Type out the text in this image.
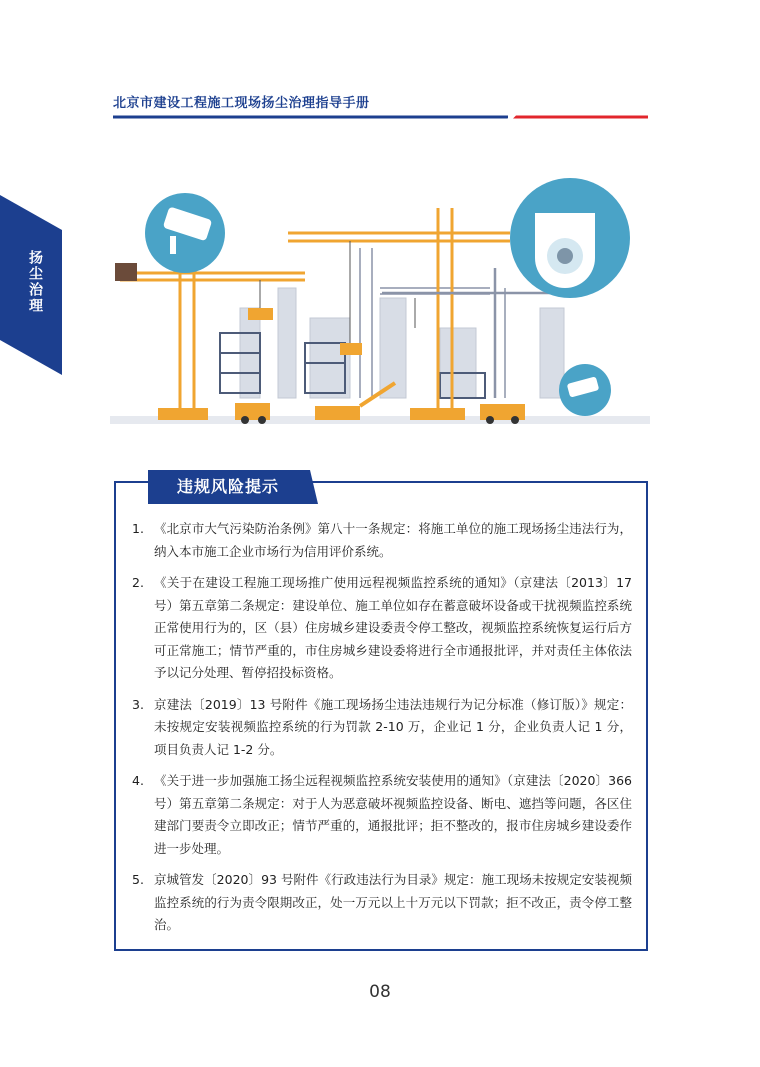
北京市建设工程施工现场扬尘治理指导手册
扬尘治理
违规风险提示
1. 《北京市大气污染防治条例》第八十一条规定：将施工单位的施工现场扬尘违法行为，纳入本市施工企业市场行为信用评价系统。
2. 《关于在建设工程施工现场推广使用远程视频监控系统的通知》（京建法〔2013〕17 号）第五章第二条规定：建设单位、施工单位如存在蓄意破坏设备或干扰视频监控系统正常使用行为的，区（县）住房城乡建设委责令停工整改，视频监控系统恢复运行后方可正常施工；情节严重的，市住房城乡建设委将进行全市通报批评，并对责任主体依法予以记分处理、暂停招投标资格。
3. 京建法〔2019〕13 号附件《施工现场扬尘违法违规行为记分标准（修订版）》规定：未按规定安装视频监控系统的行为罚款 2-10 万，企业记 1 分，企业负责人记 1 分，项目负责人记 1-2 分。
4. 《关于进一步加强施工扬尘远程视频监控系统安装使用的通知》（京建法〔2020〕366 号）第五章第二条规定：对于人为恶意破坏视频监控设备、断电、遮挡等问题，各区住建部门要责令立即改正；情节严重的，通报批评；拒不整改的，报市住房城乡建设委作进一步处理。
5. 京城管发〔2020〕93 号附件《行政违法行为目录》规定：施工现场未按规定安装视频监控系统的行为责令限期改正，处一万元以上十万元以下罚款；拒不改正，责令停工整治。
08
